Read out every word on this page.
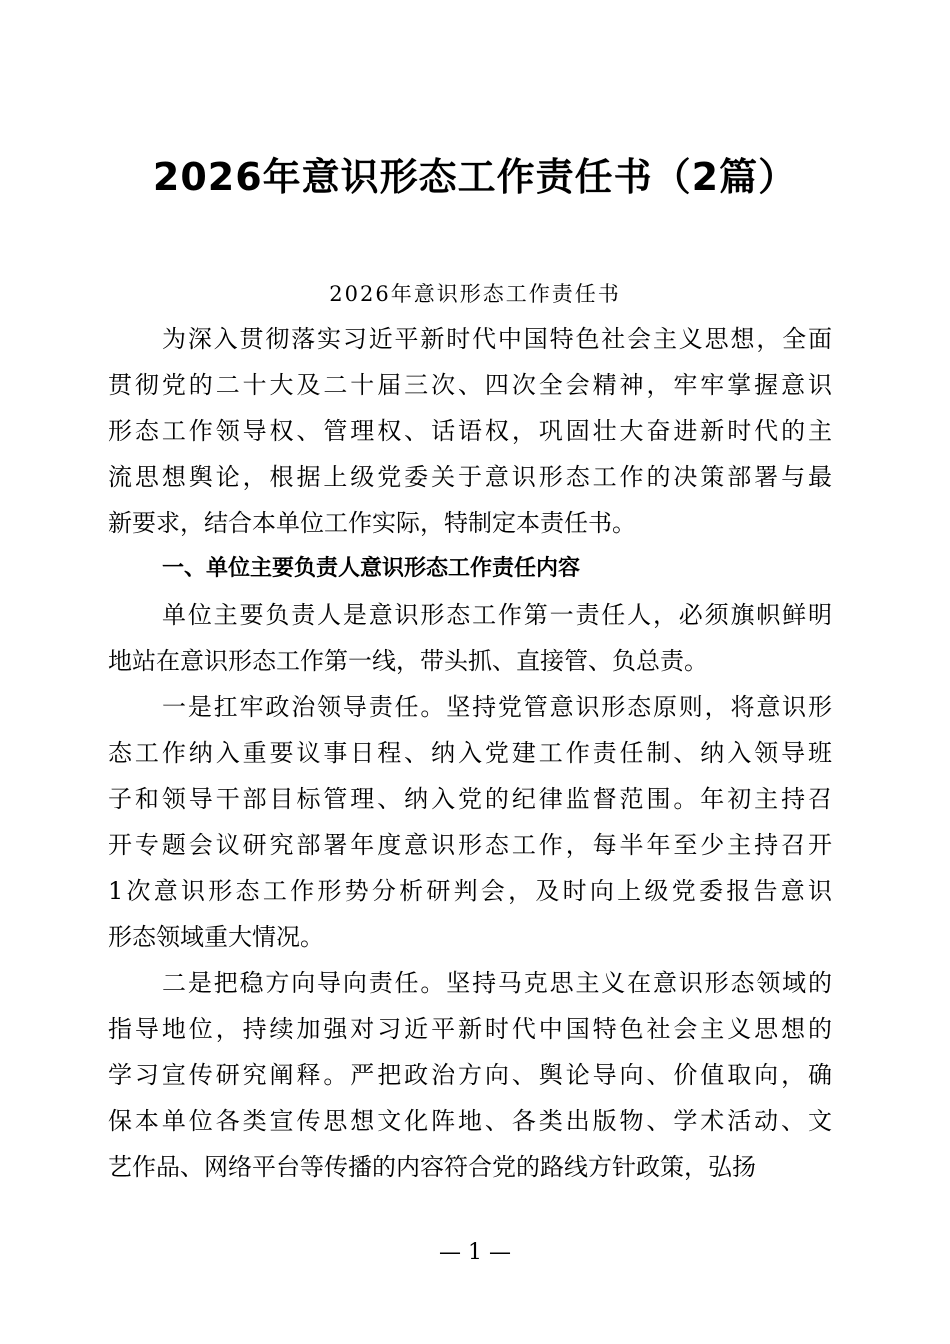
2026年意识形态工作责任书（2篇）
2026年意识形态工作责任书
为深入贯彻落实习近平新时代中国特色社会主义思想，全面
贯彻党的二十大及二十届三次、四次全会精神，牢牢掌握意识
形态工作领导权、管理权、话语权，巩固壮大奋进新时代的主
流思想舆论，根据上级党委关于意识形态工作的决策部署与最
新要求，结合本单位工作实际，特制定本责任书。
一、单位主要负责人意识形态工作责任内容
单位主要负责人是意识形态工作第一责任人，必须旗帜鲜明
地站在意识形态工作第一线，带头抓、直接管、负总责。
一是扛牢政治领导责任。坚持党管意识形态原则，将意识形
态工作纳入重要议事日程、纳入党建工作责任制、纳入领导班
子和领导干部目标管理、纳入党的纪律监督范围。年初主持召
开专题会议研究部署年度意识形态工作，每半年至少主持召开
1次意识形态工作形势分析研判会，及时向上级党委报告意识
形态领域重大情况。
二是把稳方向导向责任。坚持马克思主义在意识形态领域的
指导地位，持续加强对习近平新时代中国特色社会主义思想的
学习宣传研究阐释。严把政治方向、舆论导向、价值取向，确
保本单位各类宣传思想文化阵地、各类出版物、学术活动、文
艺作品、网络平台等传播的内容符合党的路线方针政策，弘扬
— 1 —
